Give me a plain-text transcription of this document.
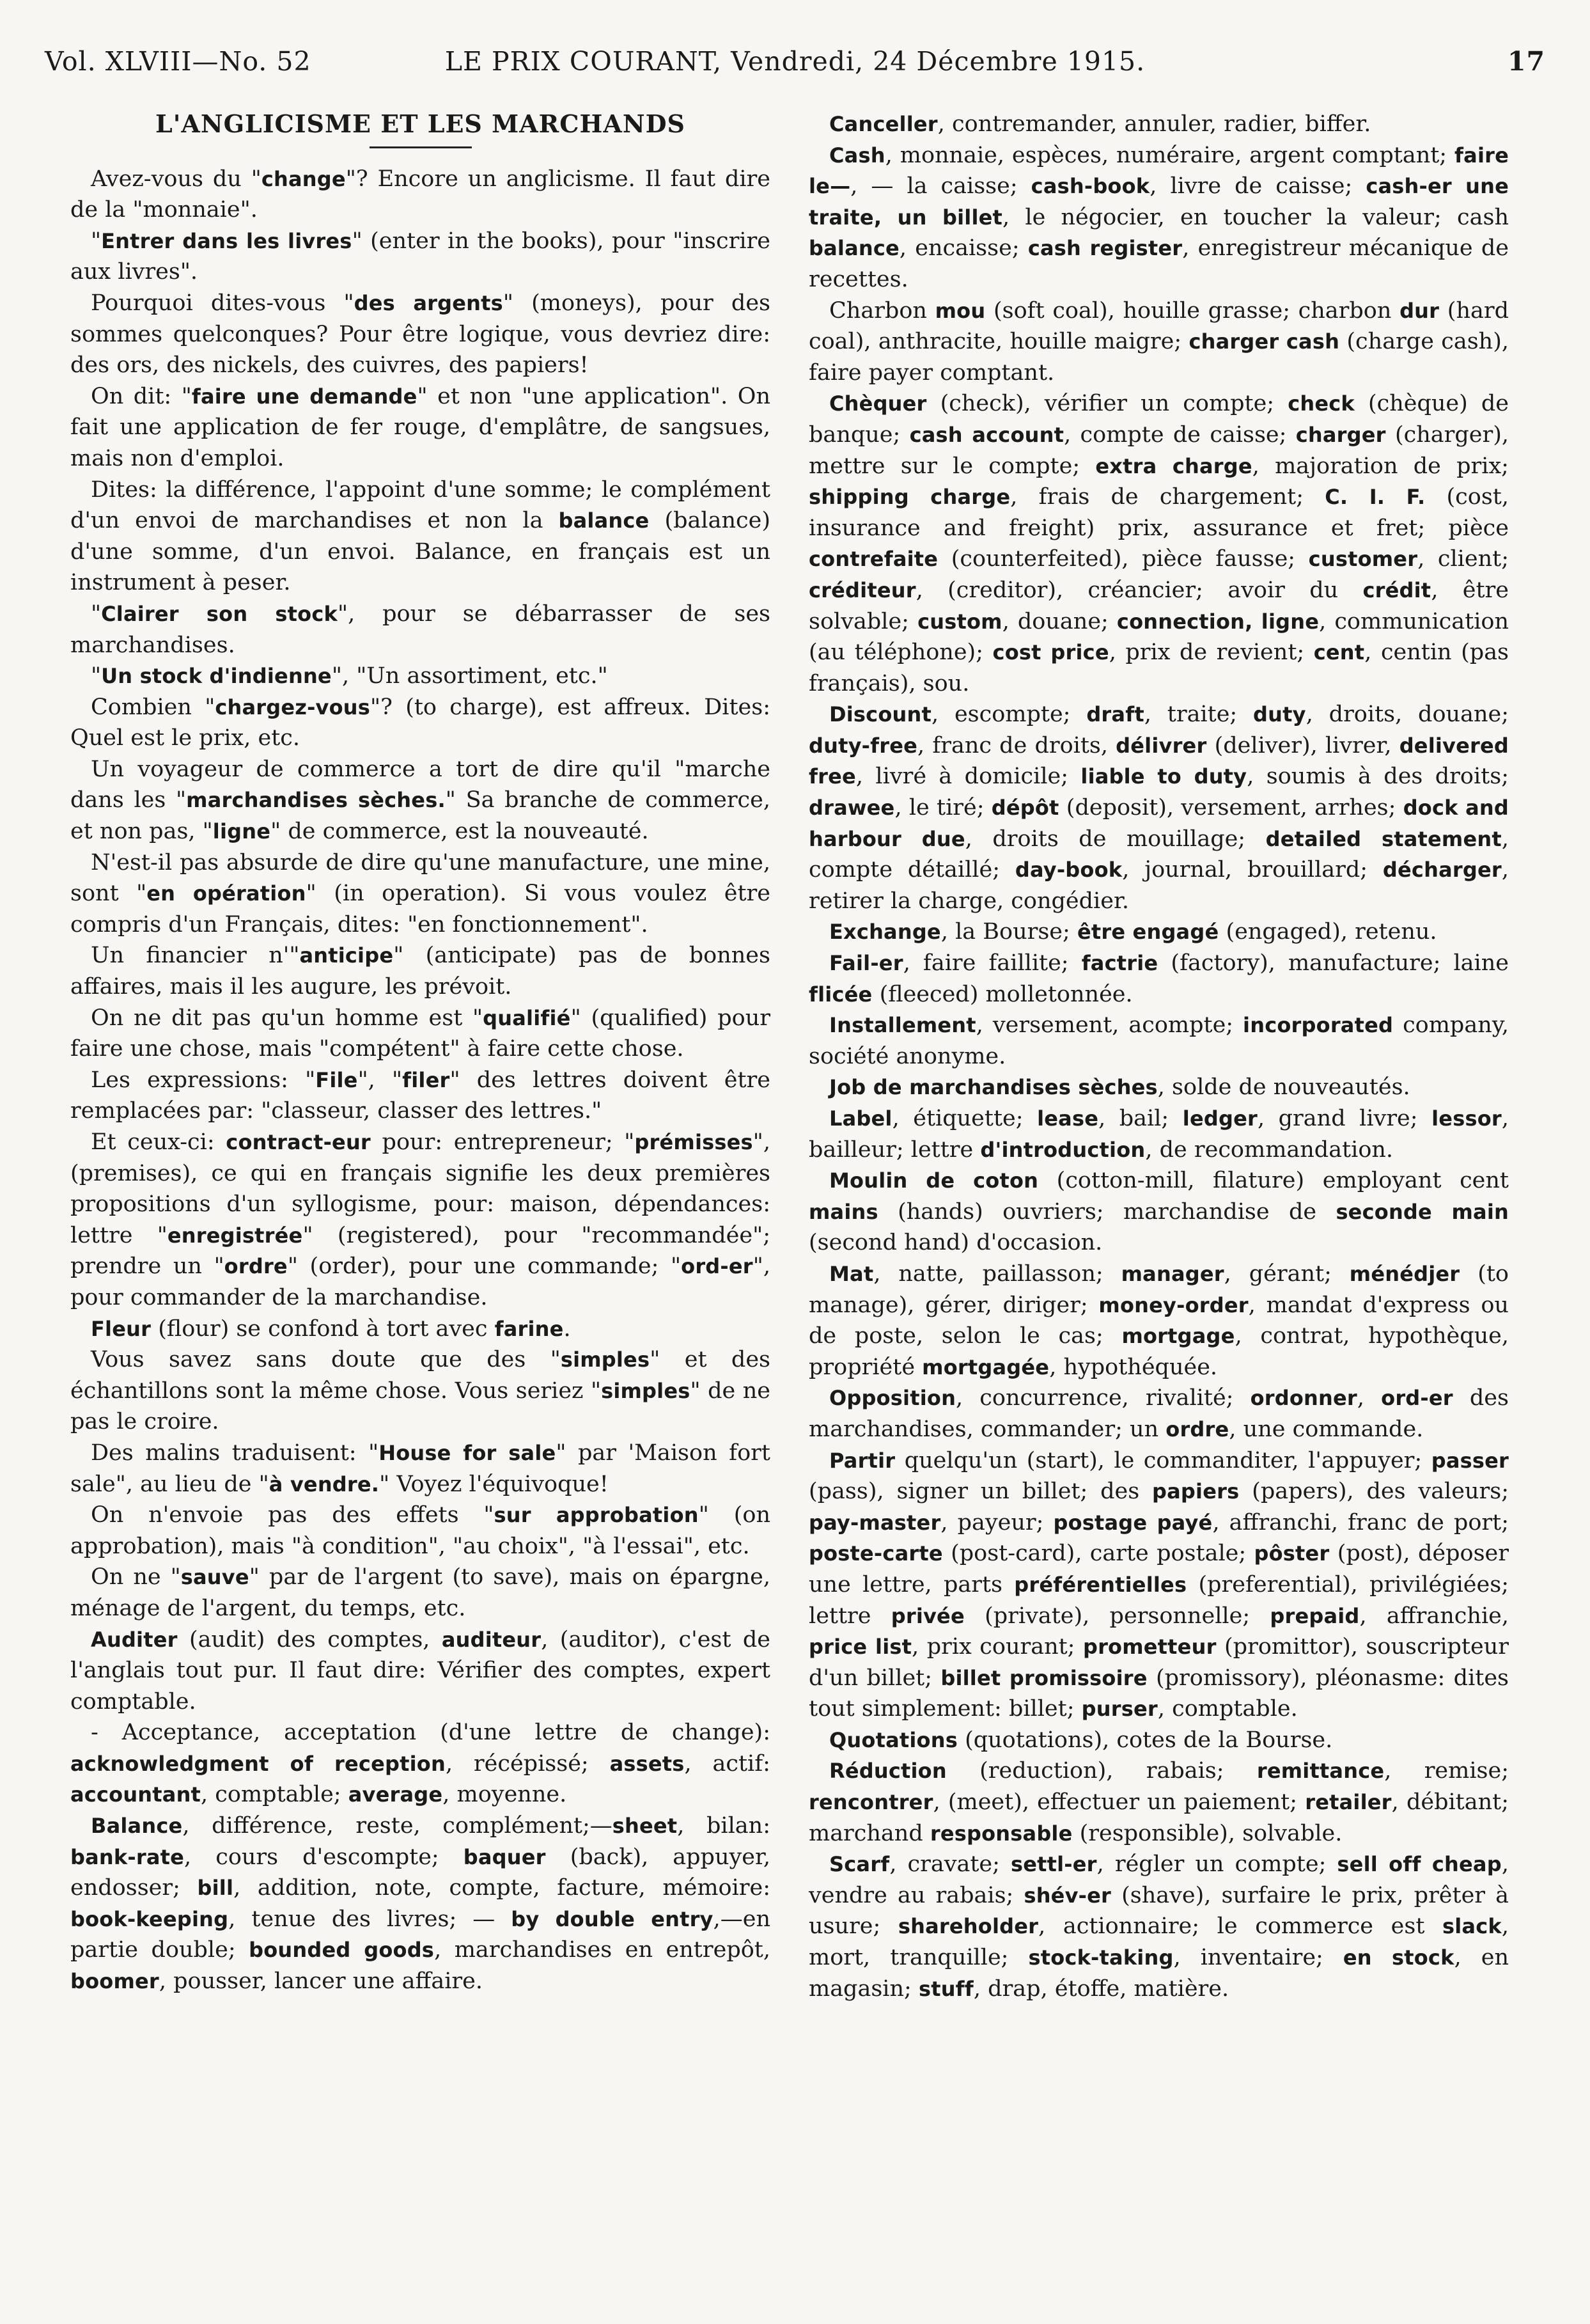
Vol. XLVIII—No. 52	LE PRIX COURANT, Vendredi, 24 Décembre 1915.	17
L'ANGLICISME ET LES MARCHANDS

Avez-vous du "change"? Encore un anglicisme. Il faut dire de la "monnaie".

"Entrer dans les livres" (enter in the books), pour "inscrire aux livres".

Pourquoi dites-vous "des argents" (moneys), pour des sommes quelconques? Pour être logique, vous devriez dire: des ors, des nickels, des cuivres, des papiers!

On dit: "faire une demande" et non "une application". On fait une application de fer rouge, d'emplâtre, de sangsues, mais non d'emploi.

Dites: la différence, l'appoint d'une somme; le complément d'un envoi de marchandises et non la balance (balance) d'une somme, d'un envoi. Balance, en français est un instrument à peser.

"Clairer son stock", pour se débarrasser de ses marchandises.

"Un stock d'indienne", "Un assortiment, etc."

Combien "chargez-vous"? (to charge), est affreux. Dites: Quel est le prix, etc.

Un voyageur de commerce a tort de dire qu'il "marche dans les "marchandises sèches." Sa branche de commerce, et non pas, "ligne" de commerce, est la nouveauté.

N'est-il pas absurde de dire qu'une manufacture, une mine, sont "en opération" (in operation). Si vous voulez être compris d'un Français, dites: "en fonctionnement".

Un financier n'"anticipe" (anticipate) pas de bonnes affaires, mais il les augure, les prévoit.

On ne dit pas qu'un homme est "qualifié" (qualified) pour faire une chose, mais "compétent" à faire cette chose.

Les expressions: "File", "filer" des lettres doivent être remplacées par: "classeur, classer des lettres."

Et ceux-ci: contract-eur pour: entrepreneur; "prémisses", (premises), ce qui en français signifie les deux premières propositions d'un syllogisme, pour: maison, dépendances: lettre "enregistrée" (registered), pour "recommandée"; prendre un "ordre" (order), pour une commande; "ord-er", pour commander de la marchandise.

Fleur (flour) se confond à tort avec farine.

Vous savez sans doute que des "simples" et des échantillons sont la même chose. Vous seriez "simples" de ne pas le croire.

Des malins traduisent: "House for sale" par 'Maison fort sale", au lieu de "à vendre." Voyez l'équivoque!

On n'envoie pas des effets "sur approbation" (on approbation), mais "à condition", "au choix", "à l'essai", etc.

On ne "sauve" par de l'argent (to save), mais on épargne, ménage de l'argent, du temps, etc.

Auditer (audit) des comptes, auditeur, (auditor), c'est de l'anglais tout pur. Il faut dire: Vérifier des comptes, expert comptable.

- Acceptance, acceptation (d'une lettre de change): acknowledgment of reception, récépissé; assets, actif: accountant, comptable; average, moyenne.

Balance, différence, reste, complément;—sheet, bilan: bank-rate, cours d'escompte; baquer (back), appuyer, endosser; bill, addition, note, compte, facture, mémoire: book-keeping, tenue des livres; — by double entry,—en partie double; bounded goods, marchandises en entrepôt, boomer, pousser, lancer une affaire.

Canceller, contremander, annuler, radier, biffer.

Cash, monnaie, espèces, numéraire, argent comptant; faire le—, — la caisse; cash-book, livre de caisse; cash-er une traite, un billet, le négocier, en toucher la valeur; cash balance, encaisse; cash register, enregistreur mécanique de recettes.

Charbon mou (soft coal), houille grasse; charbon dur (hard coal), anthracite, houille maigre; charger cash (charge cash), faire payer comptant.

Chèquer (check), vérifier un compte; check (chèque) de banque; cash account, compte de caisse; charger (charger), mettre sur le compte; extra charge, majoration de prix; shipping charge, frais de chargement; C. I. F. (cost, insurance and freight) prix, assurance et fret; pièce contrefaite (counterfeited), pièce fausse; customer, client; créditeur, (creditor), créancier; avoir du crédit, être solvable; custom, douane; connection, ligne, communication (au téléphone); cost price, prix de revient; cent, centin (pas français), sou.

Discount, escompte; draft, traite; duty, droits, douane; duty-free, franc de droits, délivrer (deliver), livrer, delivered free, livré à domicile; liable to duty, soumis à des droits; drawee, le tiré; dépôt (deposit), versement, arrhes; dock and harbour due, droits de mouillage; detailed statement, compte détaillé; day-book, journal, brouillard; décharger, retirer la charge, congédier.

Exchange, la Bourse; être engagé (engaged), retenu.

Fail-er, faire faillite; factrie (factory), manufacture; laine flicée (fleeced) molletonnée.

Installement, versement, acompte; incorporated company, société anonyme.

Job de marchandises sèches, solde de nouveautés.

Label, étiquette; lease, bail; ledger, grand livre; lessor, bailleur; lettre d'introduction, de recommandation.

Moulin de coton (cotton-mill, filature) employant cent mains (hands) ouvriers; marchandise de seconde main (second hand) d'occasion.

Mat, natte, paillasson; manager, gérant; ménédjer (to manage), gérer, diriger; money-order, mandat d'express ou de poste, selon le cas; mortgage, contrat, hypothèque, propriété mortgagée, hypothéquée.

Opposition, concurrence, rivalité; ordonner, ord-er des marchandises, commander; un ordre, une commande.

Partir quelqu'un (start), le commanditer, l'appuyer; passer (pass), signer un billet; des papiers (papers), des valeurs; pay-master, payeur; postage payé, affranchi, franc de port; poste-carte (post-card), carte postale; pôster (post), déposer une lettre, parts préférentielles (preferential), privilégiées; lettre privée (private), personnelle; prepaid, affranchie, price list, prix courant; prometteur (promittor), souscripteur d'un billet; billet promissoire (promissory), pléonasme: dites tout simplement: billet; purser, comptable.

Quotations (quotations), cotes de la Bourse.

Réduction (reduction), rabais; remittance, remise; rencontrer, (meet), effectuer un paiement; retailer, débitant; marchand responsable (responsible), solvable.

Scarf, cravate; settl-er, régler un compte; sell off cheap, vendre au rabais; shév-er (shave), surfaire le prix, prêter à usure; shareholder, actionnaire; le commerce est slack, mort, tranquille; stock-taking, inventaire; en stock, en magasin; stuff, drap, étoffe, matière.
